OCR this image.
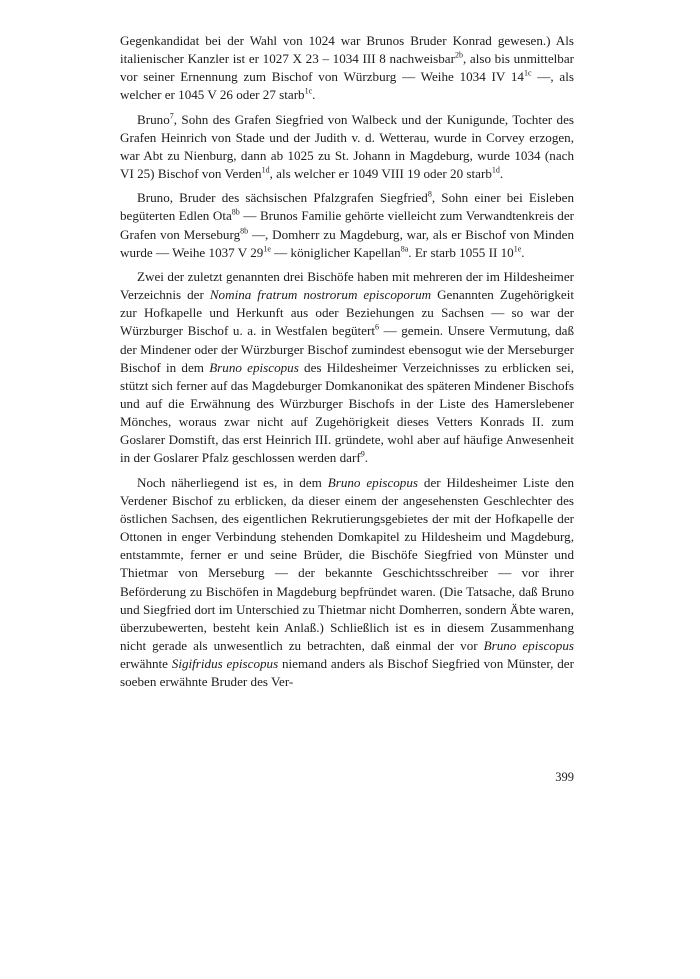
Gegenkandidat bei der Wahl von 1024 war Brunos Bruder Konrad gewesen.) Als italienischer Kanzler ist er 1027 X 23 – 1034 III 8 nachweisbar$^{2b}$, also bis unmittelbar vor seiner Ernennung zum Bischof von Würzburg — Weihe 1034 IV $14^{1c}$ —, als welcher er 1045 V 26 oder 27 starb$^{1c}$.

Bruno$^7$, Sohn des Grafen Siegfried von Walbeck und der Kunigunde, Tochter des Grafen Heinrich von Stade und der Judith v. d. Wetterau, wurde in Corvey erzogen, war Abt zu Nienburg, dann ab 1025 zu St. Johann in Magdeburg, wurde 1034 (nach VI 25) Bischof von Verden$^{1d}$, als welcher er 1049 VIII 19 oder 20 starb$^{1d}$.

Bruno, Bruder des sächsischen Pfalzgrafen Siegfried$^8$, Sohn einer bei Eisleben begüterten Edlen Ota$^{8b}$ — Brunos Familie gehörte vielleicht zum Verwandtenkreis der Grafen von Merseburg$^{8b}$ —, Domherr zu Magdeburg, war, als er Bischof von Minden wurde — Weihe 1037 V $29^{1e}$ — königlicher Kapellan$^{8a}$. Er starb 1055 II $10^{1e}$.

Zwei der zuletzt genannten drei Bischöfe haben mit mehreren der im Hildesheimer Verzeichnis der Nomina fratrum nostrorum episcoporum Genannten Zugehörigkeit zur Hofkapelle und Herkunft aus oder Beziehungen zu Sachsen — so war der Würzburger Bischof u. a. in Westfalen begütert$^6$ — gemein. Unsere Vermutung, daß der Mindener oder der Würzburger Bischof zumindest ebensogut wie der Merseburger Bischof in dem Bruno episcopus des Hildesheimer Verzeichnisses zu erblicken sei, stützt sich ferner auf das Magdeburger Domkanonikat des späteren Mindener Bischofs und auf die Erwähnung des Würzburger Bischofs in der Liste des Hamerslebener Mönches, woraus zwar nicht auf Zugehörigkeit dieses Vetters Konrads II. zum Goslarer Domstift, das erst Heinrich III. gründete, wohl aber auf häufige Anwesenheit in der Goslarer Pfalz geschlossen werden darf$^9$.

Noch näherliegend ist es, in dem Bruno episcopus der Hildesheimer Liste den Verdener Bischof zu erblicken, da dieser einem der angesehensten Geschlechter des östlichen Sachsen, des eigentlichen Rekrutierungsgebietes der mit der Hofkapelle der Ottonen in enger Verbindung stehenden Domkapitel zu Hildesheim und Magdeburg, entstammte, ferner er und seine Brüder, die Bischöfe Siegfried von Münster und Thietmar von Merseburg — der bekannte Geschichtsschreiber — vor ihrer Beförderung zu Bischöfen in Magdeburg bepfründet waren. (Die Tatsache, daß Bruno und Siegfried dort im Unterschied zu Thietmar nicht Domherren, sondern Äbte waren, überzubewerten, besteht kein Anlaß.) Schließlich ist es in diesem Zusammenhang nicht gerade als unwesentlich zu betrachten, daß einmal der vor Bruno episcopus erwähnte Sigifridus episcopus niemand anders als Bischof Siegfried von Münster, der soeben erwähnte Bruder des Ver-

399
